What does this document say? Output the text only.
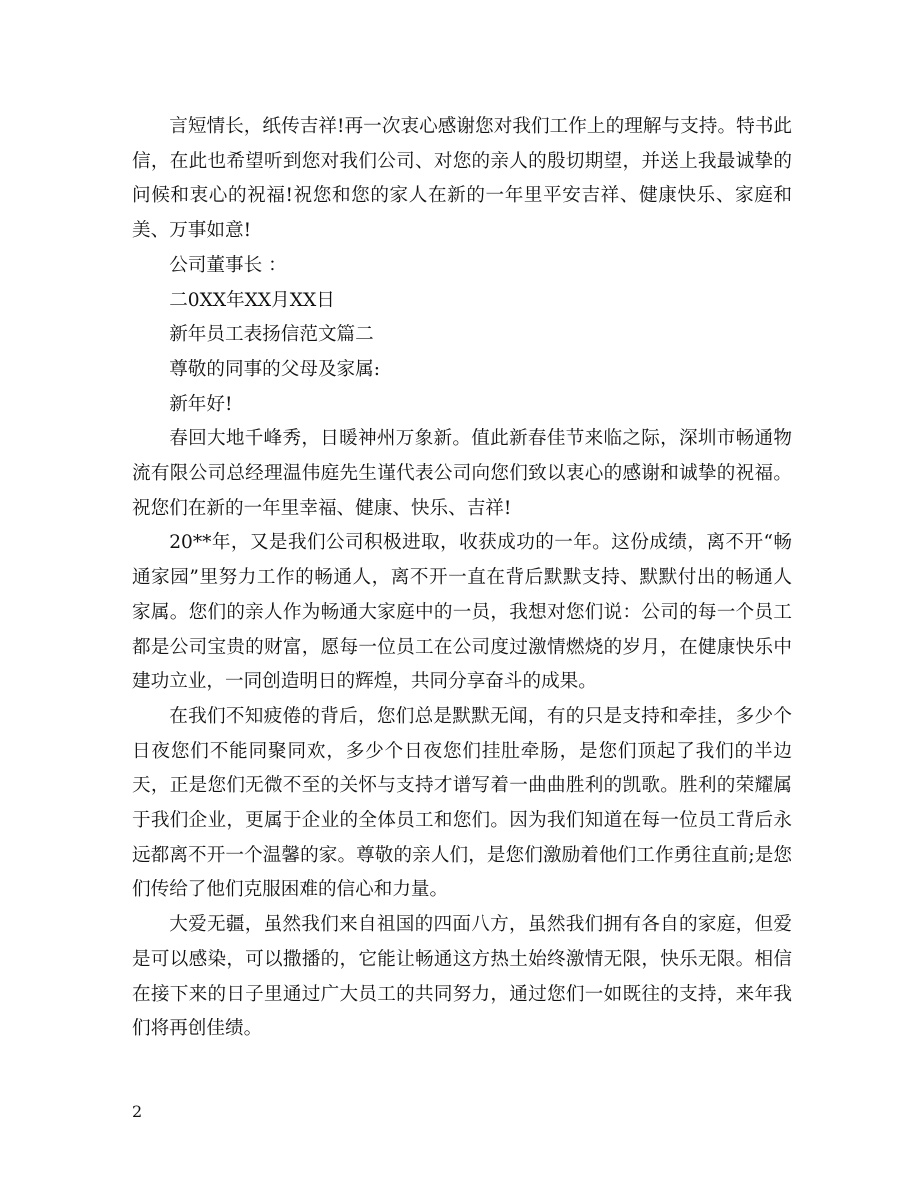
言短情长，纸传吉祥!再一次衷心感谢您对我们工作上的理解与支持。特书此信，在此也希望听到您对我们公司、对您的亲人的殷切期望，并送上我最诚挚的问候和衷心的祝福!祝您和您的家人在新的一年里平安吉祥、健康快乐、家庭和美、万事如意!

公司董事长 ：

二0XX年XX月XX日

新年员工表扬信范文篇二

尊敬的同事的父母及家属:

新年好!

春回大地千峰秀，日暖神州万象新。值此新春佳节来临之际，深圳市畅通物流有限公司总经理温伟庭先生谨代表公司向您们致以衷心的感谢和诚挚的祝福。祝您们在新的一年里幸福、健康、快乐、吉祥!

20**年，又是我们公司积极进取，收获成功的一年。这份成绩，离不开“畅通家园”里努力工作的畅通人，离不开一直在背后默默支持、默默付出的畅通人家属。您们的亲人作为畅通大家庭中的一员，我想对您们说：公司的每一个员工都是公司宝贵的财富，愿每一位员工在公司度过激情燃烧的岁月，在健康快乐中建功立业，一同创造明日的辉煌，共同分享奋斗的成果。

在我们不知疲倦的背后，您们总是默默无闻，有的只是支持和牵挂，多少个日夜您们不能同聚同欢，多少个日夜您们挂肚牵肠，是您们顶起了我们的半边天，正是您们无微不至的关怀与支持才谱写着一曲曲胜利的凯歌。胜利的荣耀属于我们企业，更属于企业的全体员工和您们。因为我们知道在每一位员工背后永远都离不开一个温馨的家。尊敬的亲人们，是您们激励着他们工作勇往直前;是您们传给了他们克服困难的信心和力量。

大爱无疆，虽然我们来自祖国的四面八方，虽然我们拥有各自的家庭，但爱是可以感染，可以撒播的，它能让畅通这方热土始终激情无限，快乐无限。相信在接下来的日子里通过广大员工的共同努力，通过您们一如既往的支持，来年我们将再创佳绩。

2
